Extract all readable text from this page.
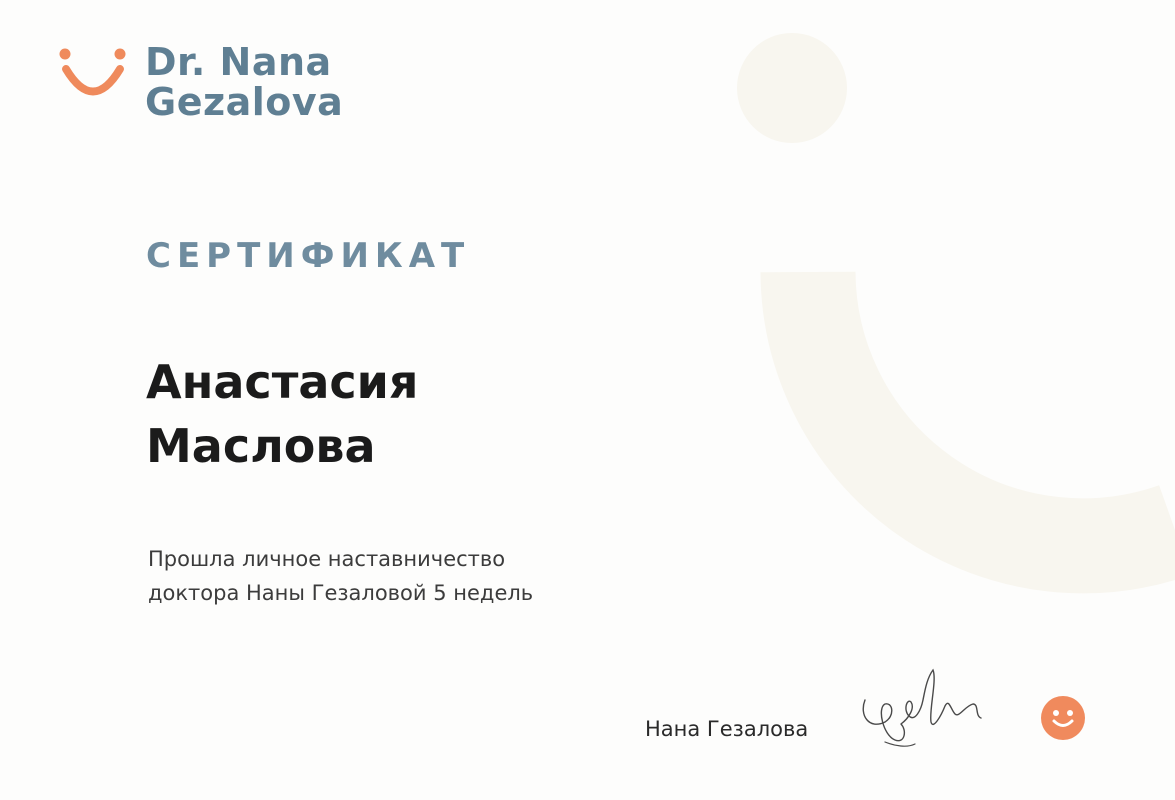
Dr. Nana
Gezalova
СЕРТИФИКАТ
Анастасия
Маслова
Прошла личное наставничество
доктора Наны Гезаловой 5 недель
Нана Гезалова
